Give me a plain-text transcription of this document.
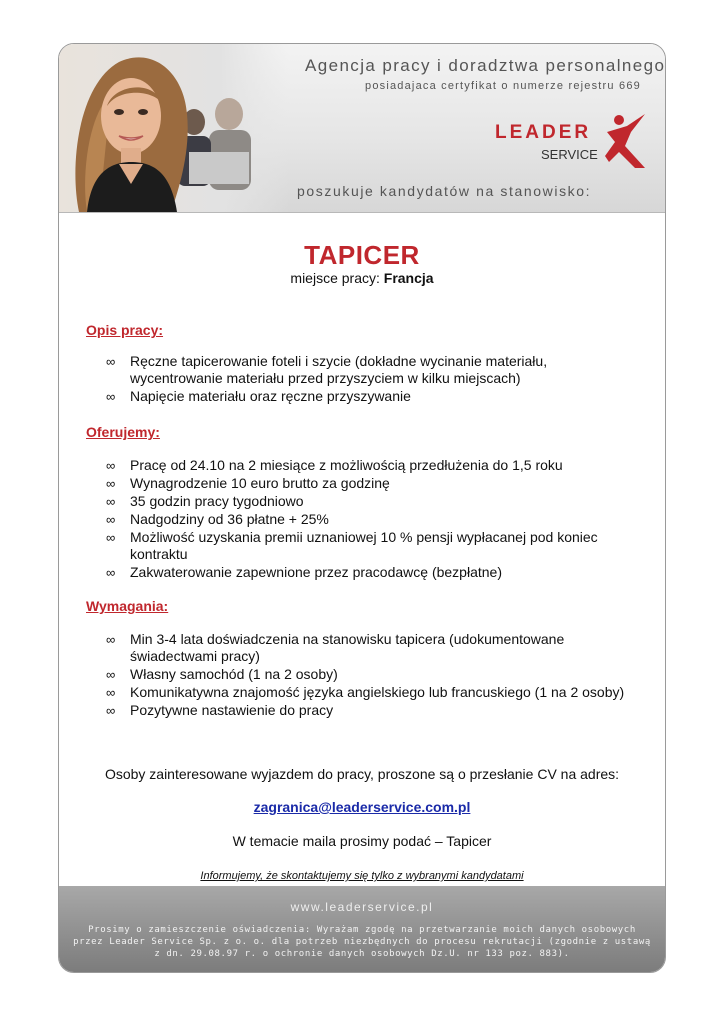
Agencja pracy i doradztwa personalnego
posiadajaca certyfikat o numerze rejestru 669
LEADER
SERVICE
poszukuje kandydatów na stanowisko:
TAPICER
miejsce pracy: Francja
Opis pracy:
∞ Ręczne tapicerowanie foteli i szycie (dokładne wycinanie materiału, wycentrowanie materiału przed przyszyciem w kilku miejscach)
∞ Napięcie materiału oraz ręczne przyszywanie
Oferujemy:
∞ Pracę od 24.10 na 2 miesiące z możliwością przedłużenia do 1,5 roku
∞ Wynagrodzenie 10 euro brutto za godzinę
∞ 35 godzin pracy tygodniowo
∞ Nadgodziny od 36 płatne + 25%
∞ Możliwość uzyskania premii uznaniowej 10 % pensji wypłacanej pod koniec kontraktu
∞ Zakwaterowanie zapewnione przez pracodawcę (bezpłatne)
Wymagania:
∞ Min 3-4 lata doświadczenia na stanowisku tapicera (udokumentowane świadectwami pracy)
∞ Własny samochód (1 na 2 osoby)
∞ Komunikatywna znajomość języka angielskiego lub francuskiego (1 na 2 osoby)
∞ Pozytywne nastawienie do pracy
Osoby zainteresowane wyjazdem do pracy, proszone są o przesłanie CV na adres:
zagranica@leaderservice.com.pl
W temacie maila prosimy podać – Tapicer
Informujemy, że skontaktujemy się tylko z wybranymi kandydatami
www.leaderservice.pl
Prosimy o zamieszczenie oświadczenia: Wyrażam zgodę na przetwarzanie moich danych osobowych
przez Leader Service Sp. z o. o. dla potrzeb niezbędnych do procesu rekrutacji (zgodnie z ustawą
z dn. 29.08.97 r. o ochronie danych osobowych Dz.U. nr 133 poz. 883).
